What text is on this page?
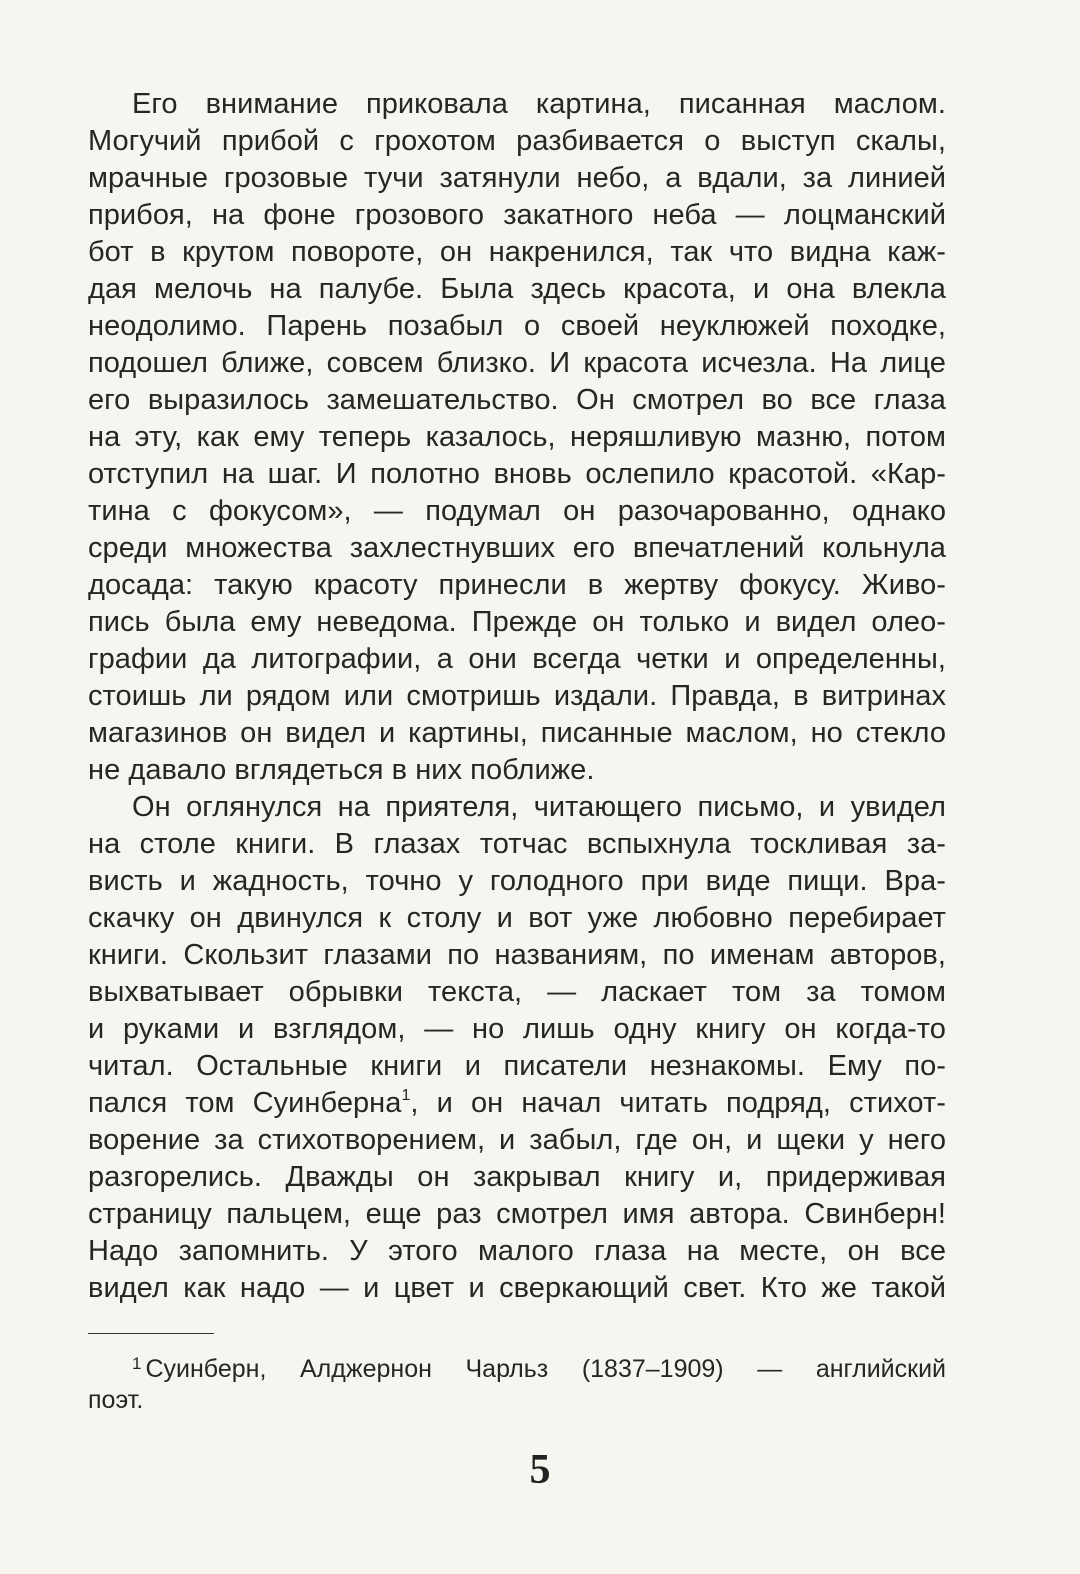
Его внимание приковала картина, писанная маслом.
Могучий прибой с грохотом разбивается о выступ скалы,
мрачные грозовые тучи затянули небо, а вдали, за линией
прибоя, на фоне грозового закатного неба — лоцманский
бот в крутом повороте, он накренился, так что видна каж-
дая мелочь на палубе. Была здесь красота, и она влекла
неодолимо. Парень позабыл о своей неуклюжей походке,
подошел ближе, совсем близко. И красота исчезла. На лице
его выразилось замешательство. Он смотрел во все глаза
на эту, как ему теперь казалось, неряшливую мазню, потом
отступил на шаг. И полотно вновь ослепило красотой. «Кар-
тина с фокусом», — подумал он разочарованно, однако
среди множества захлестнувших его впечатлений кольнула
досада: такую красоту принесли в жертву фокусу. Живо-
пись была ему неведома. Прежде он только и видел олео-
графии да литографии, а они всегда четки и определенны,
стоишь ли рядом или смотришь издали. Правда, в витринах
магазинов он видел и картины, писанные маслом, но стекло
не давало вглядеться в них поближе.
Он оглянулся на приятеля, читающего письмо, и увидел
на столе книги. В глазах тотчас вспыхнула тоскливая за-
висть и жадность, точно у голодного при виде пищи. Вра-
скачку он двинулся к столу и вот уже любовно перебирает
книги. Скользит глазами по названиям, по именам авторов,
выхватывает обрывки текста, — ласкает том за томом
и руками и взглядом, — но лишь одну книгу он когда-то
читал. Остальные книги и писатели незнакомы. Ему по-
пался том Суинберна$^1$, и он начал читать подряд, стихот-
ворение за стихотворением, и забыл, где он, и щеки у него
разгорелись. Дважды он закрывал книгу и, придерживая
страницу пальцем, еще раз смотрел имя автора. Свинберн!
Надо запомнить. У этого малого глаза на месте, он все
видел как надо — и цвет и сверкающий свет. Кто же такой
$^1$ Суинберн, Алджернон Чарльз (1837–1909) — английский
поэт.
5
